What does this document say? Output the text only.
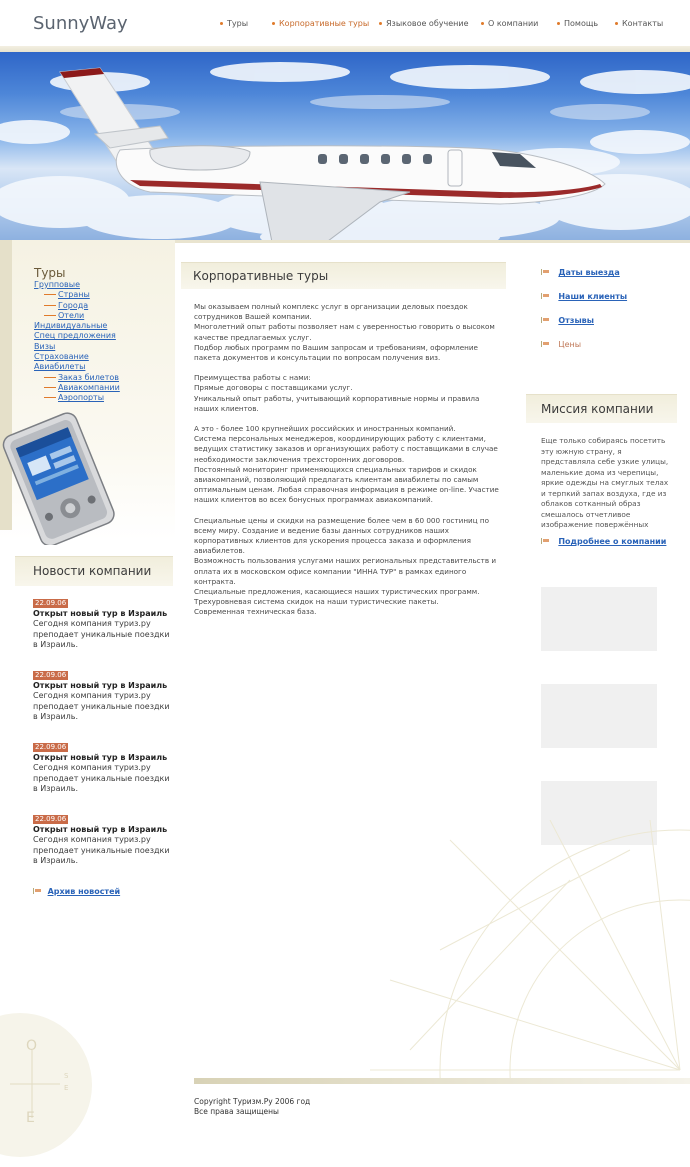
SunnyWay	Туры	Корпоративные туры	Языковое обучение	О компании	Помощь	Контакты
Туры
Групповые
Страны
Города
Отели
Индивидуальные
Спец предложения
Визы
Страхование
Авиабилеты
Заказ билетов
Авиакомпании
Аэропорты
Новости компании
22.09.06
Открыт новый тур в Израиль
Сегодня компания туриз.ру преподает уникальные поездки в Израиль.
22.09.06
Открыт новый тур в Израиль
Сегодня компания туриз.ру преподает уникальные поездки в Израиль.
22.09.06
Открыт новый тур в Израиль
Сегодня компания туриз.ру преподает уникальные поездки в Израиль.
22.09.06
Открыт новый тур в Израиль
Сегодня компания туриз.ру преподает уникальные поездки в Израиль.
Архив новостей
Корпоративные туры

Мы оказываем полный комплекс услуг в организации деловых поездок сотрудников Вашей компании.
Многолетний опыт работы позволяет нам с уверенностью говорить о высоком качестве предлагаемых услуг.
Подбор любых программ по Вашим запросам и требованиям, оформление пакета документов и консультации по вопросам получения виз.

Преимущества работы с нами:
Прямые договоры с поставщиками услуг.
Уникальный опыт работы, учитывающий корпоративные нормы и правила наших клиентов.

А это - более 100 крупнейших российских и иностранных компаний.
Система персональных менеджеров, координирующих работу с клиентами, ведущих статистику заказов и организующих работу с поставщиками в случае необходимости заключения трехсторонних договоров.
Постоянный мониторинг применяющихся специальных тарифов и скидок авиакомпаний, позволяющий предлагать клиентам авиабилеты по самым оптимальным ценам. Любая справочная информация в режиме on-line. Участие наших клиентов во всех бонусных программах авиакомпаний.

Специальные цены и скидки на размещение более чем в 60 000 гостиниц по всему миру. Создание и ведение базы данных сотрудников наших корпоративных клиентов для ускорения процесса заказа и оформления авиабилетов.
Возможность пользования услугами наших региональных представительств и оплата их в московском офисе компании "ИННА ТУР" в рамках единого контракта.
Специальные предложения, касающиеся наших туристических программ.
Трехуровневая система скидок на наши туристические пакеты.
Современная техническая база.

Даты выезда
Наши клиенты
Отзывы
Цены
Миссия компании
Еще только собираясь посетить эту южную страну, я представляла себе узкие улицы, маленькие дома из черепицы, яркие одежды на смуглых телах и терпкий запах воздуха, где из облаков сотканный образ смешалось отчетливое изображение повержённых
Подробнее о компании
О
Е
S
E
Copyright Туризм.Ру 2006 год
Все права защищены
